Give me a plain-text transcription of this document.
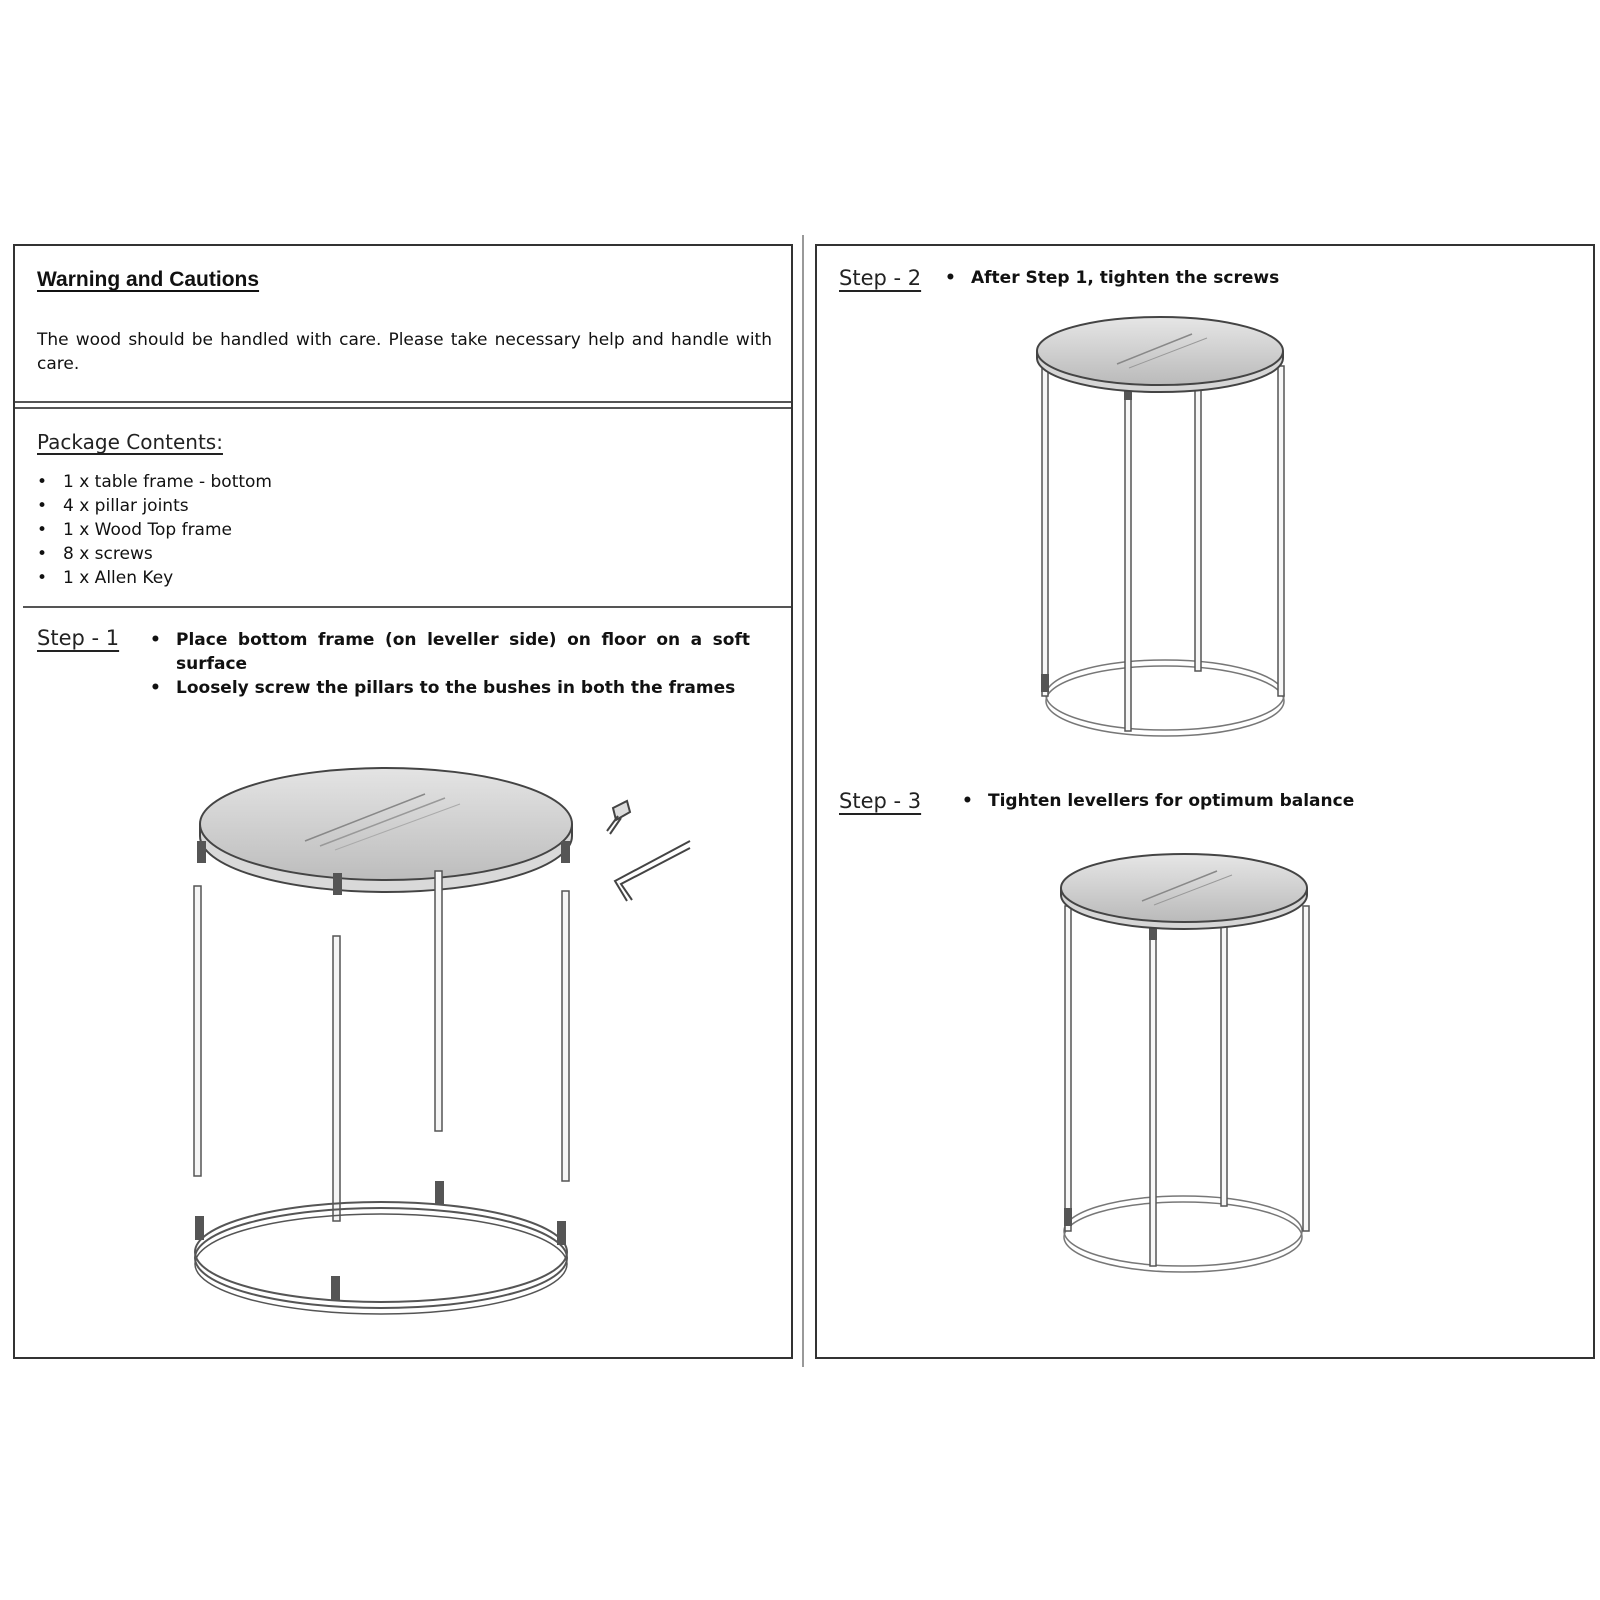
Warning and Cautions
The wood should be handled with care. Please take necessary help and handle with care.
Package Contents:
• 1 x table frame - bottom
• 4 x pillar joints
• 1 x Wood Top frame
• 8 x screws
• 1 x Allen Key
Step - 1	• Place bottom frame (on leveller side) on floor on a soft surface
• Loosely screw the pillars to the bushes in both the frames
Step - 2	• After Step 1, tighten the screws
Step - 3	• Tighten levellers for optimum balance
